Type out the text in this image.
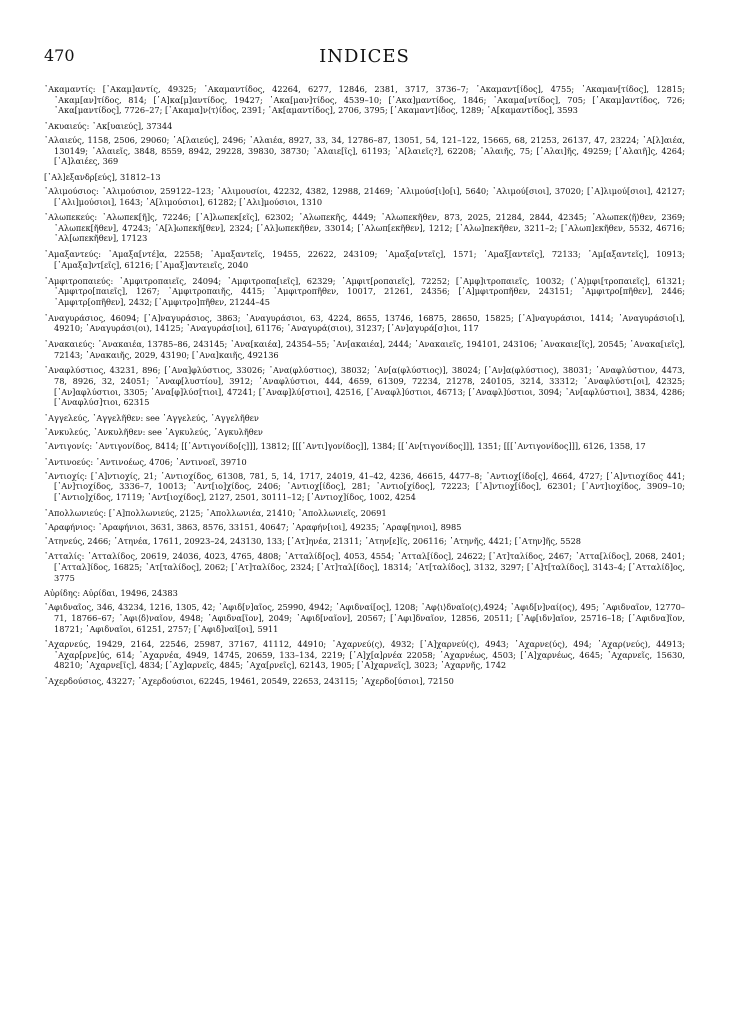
470	INDICES

᾿Ακαμαντίς: [᾿Ακαμ]αντίς, 49325; ᾿Ακαμαντίδος, 42264, 6277, 12846, 2381, 3717, 3736–7; ᾿Ακαμαντ[ίδος], 4755; ᾿Ακαμαν[τίδος], 12815; ᾿Ακαμ[αν]τίδος, 814; [᾿Α]κα[μ]αντίδος, 19427; ᾿Ακα[μαν]τίδος, 4539–10; [᾿Ακα]μαντίδος, 1846; ᾿Ακαμα[ντίδος], 705; [᾿Ακαμ]αντίδος, 726; ᾿Ακα[μαντίδος], 7726–27; [᾿Ακαμα]ν⟨τ⟩ίδος, 2391; ᾿Ακ[αμαντίδος], 2706, 3795; [᾿Ακαμαντ]ίδος, 1289; ᾿Α[καμαντίδος], 3593

᾿Ακυαιεύς: ᾿Ακ[υαιεύς], 37344

᾿Αλαιεύς, 1158, 2506, 29060; ᾿Α[λαιεύς], 2496; ᾿Αλαιέα, 8927, 33, 34, 12786–87, 13051, 54, 121–122, 15665, 68, 21253, 26137, 47, 23224; ᾿Α[λ]αιέα, 130149; ᾿Αλαιεῖς, 3848, 8559, 8942, 29228, 39830, 38730; ᾿Αλαιε[ῖς], 61193; ᾿Α[λαιεῖς?], 62208; ᾿Αλαιῆς, 75; [᾿Αλαι]ῆς, 49259; [᾿Αλαιῆ]ς, 4264; [᾿Α]λαιέες, 369

[᾿Αλ]εξανδρ[εύς], 31812–13

᾿Αλιμούσιος: ᾿Αλιμούσιον, 259122–123; ᾿Αλιμουσίοι, 42232, 4382, 12988, 21469; ᾿Αλιμούσ[ι]ο[ι], 5640; ᾿Αλιμού[σιοι], 37020; [᾿Α]λιμού[σιοι], 42127; [᾿Αλι]μούσιοι], 1643; ᾿Α[λιμούσιοι], 61282; [᾿Αλι]μούσιοι, 1310

᾿Αλωπεκεύς: ᾿Αλωπεκ[ῆ]ς, 72246; [᾿Α]λωπεκ[εῖς], 62302; ᾿Αλωπεκῆς, 4449; ᾿Αλωπεκῆθεν, 873, 2025, 21284, 2844, 42345; ᾿Αλωπεκ⟨ῆ⟩θεν, 2369; ᾿Αλωπεκ[ῆθεν], 47243; ᾿Α[λ]ωπεκῆ[θεν], 2324; [᾿Αλ]ωπεκῆθεν, 33014; [᾿Αλωπ[εκῆθεν], 1212; [᾿Αλω]πεκῆθεν, 3211–2; [᾿Αλωπ]εκῆθεν, 5532, 46716; ᾿Αλ[ωπεκῆθεν], 17123

᾿Αμαξαντεύς: ᾿Αμαξα[ντέ]α, 22558; ᾿Αμαξαντεῖς, 19455, 22622, 243109; ᾿Αμαξα[ντεῖς], 1571; ᾿Αμαξ[αντεῖς], 72133; ᾿Αμ[αξαντεῖς], 10913; [᾿Αμαξα]ντ[εῖς], 61216; [᾿Αμαξ]αντειεῖς, 2040

᾿Αμφιτροπαιεύς: ᾿Αμφιτροπαιεῖς, 24094; ᾿Αμφιτροπα[ιεῖς], 62329; ᾿Αμφιτ[ροπαιεῖς], 72252; [᾿Αμφ]ιτροπαιεῖς, 10032; ⟨᾿Α⟩μφι[τροπαιεῖς], 61321; ᾿Αμφιτρο[παιεῖς], 1267; ᾿Αμφιτροπαιῆς, 4415; ᾿Αμφιτροπῆθεν, 10017, 21261, 24356; [᾿Α]μφιτροπῆθεν, 243151; ᾿Αμφιτρο[πῆθεν], 2446; ᾿Αμφιτρ[οπῆθεν], 2432; [᾿Αμφιτρο]πῆθεν, 21244–45

᾿Αναγυράσιος, 46094; [᾿Α]ναγυράσιος, 3863; ᾿Αναγυράσιοι, 63, 4224, 8655, 13746, 16875, 28650, 15825; [᾿Α]ναγυράσιοι, 1414; ᾿Αναγυράσιο[ι], 49210; ᾿Αναγυράσι(οι), 14125; ᾿Αναγυράσ[ιοι], 61176; ᾿Αναγυρά(σιοι), 31237; [᾿Αν]αγυρά[σ]ιοι, 117

᾿Ανακαιεύς: ᾿Ανακαιέα, 13785–86, 243145; ᾿Ανα[καιέα], 24354–55; ᾿Αν[ακαιέα], 2444; ᾿Ανακαιεῖς, 194101, 243106; ᾿Ανακαιε[ῖς], 20545; ᾿Ανακα[ιεῖς], 72143; ᾿Ανακαιῆς, 2029, 43190; [᾿Ανα]καιῆς, 492136

᾿Αναφλύστιος, 43231, 896; [᾿Ανα]φλύστιος, 33026; ᾿Ανα(φλύστιος), 38032; ᾿Αν[α(φλύστιος)], 38024; [᾿Αν]α(φλύστιος), 38031; ᾿Αναφλύστιον, 4473, 78, 8926, 32, 24051; ᾿Αναφ[λυστίου], 3912; ᾿Αναφλύστιοι, 444, 4659, 61309, 72234, 21278, 240105, 3214, 33312; ᾿Αναφλύστι[οι], 42325; [᾿Αν]αφλύστιοι, 3305; ᾿Ανα[φ]λύσ[τιοι], 47241; [᾿Αναφ]λύ[στιοι], 42516, [᾿Αναφλ]ύστιοι, 46713; [᾿Αναφλ]ύστιοι, 3094; ᾿Αν[αφλύστιοι], 3834, 4286; [᾿Αναφλύσ]τιοι, 62315

᾿Αγγελεύς, ᾿Αγγελῆθεν: see ᾿Αγγελεύς, ᾿Αγγελῆθεν

᾿Ανκυλεύς, ᾿Ανκυλῆθεν: see ᾿Αγκυλεύς, ᾿Αγκυλῆθεν

᾿Αντιγονίς: ᾿Αντιγονίδος, 8414; [[᾿Αντιγονίδο[ς]]], 13812; [[[᾿Αντι]γονίδος]], 1384; [[᾿Αν[τιγονίδος]]], 1351; [[[᾿Αντιγονίδος]]], 6126, 1358, 17

᾿Αντινοεύς: ᾿Αντινοέως, 4706; ᾿Αντινοεῖ, 39710

᾿Αντιοχίς: [᾿Α]ντιοχίς, 21; ᾿Αντιοχίδος, 61308, 781, 5, 14, 1717, 24019, 41–42, 4236, 46615, 4477–8; ᾿Αντιοχ[ίδο[ς], 4664, 4727; [᾿Α]ντιοχίδος 441; [᾿Αν]τιοχίδος, 3336–7, 10013; ᾿Αντ[ιο]χίδος, 2406; ᾿Αντιοχ[ίδος], 281; ᾿Αντιο[χίδος], 72223; [᾿Α]ντιοχ[ίδος], 62301; [᾿Αντ]ιοχίδος, 3909–10; [᾿Αντιο]χίδος, 17119; ᾿Αντ[ιοχίδος], 2127, 2501, 30111–12; [᾿Αντιοχ]ίδος, 1002, 4254

᾿Απολλωνιεύς: [᾿Α]πολλωνιεύς, 2125; ᾿Απολλωνιέα, 21410; ᾿Απολλωνιεῖς, 20691

᾿Αραφήνιος: ᾿Αραφήνιοι, 3631, 3863, 8576, 33151, 40647; ᾿Αραφήν[ιοι], 49235; ᾿Αραφ[ηνιοι], 8985

᾿Ατηνεύς, 2466; ᾿Ατηνέα, 17611, 20923–24, 243130, 133; [᾿Ατ]ηνέα, 21311; ᾿Ατην[ε]ῖς, 206116; ᾿Ατηνῆς, 4421; [᾿Ατην]ῆς, 5528

᾿Ατταλίς: ᾿Ατταλίδος, 20619, 24036, 4023, 4765, 4808; ᾿Ατταλίδ[ος], 4053, 4554; ᾿Ατταλ[ίδος], 24622; [᾿Ατ]ταλίδος, 2467; ᾿Αττα[λίδος], 2068, 2401; [᾿Ατταλ]ίδος, 16825; ᾿Ατ[ταλίδος], 2062; [᾿Ατ]ταλίδος, 2324; [᾿Ατ]ταλ[ίδος], 18314; ᾿Ατ[ταλίδος], 3132, 3297; [᾿Α]τ[ταλίδος], 3143–4; [᾿Ατταλίδ]ος, 3775

Αὐρίδης: Αὐρίδαι, 19496, 24383

᾿Αφιδναῖος, 346, 43234, 1216, 1305, 42; ᾿Αφιδ[ν]αῖος, 25990, 4942; ᾿Αφιδναί[ος], 1208; ᾿Αφ⟨ι⟩δναῖο(ς),4924; ᾿Αφιδ[ν]ναί(ος), 495; ᾿Αφιδναῖον, 12770–71, 18766–67; ᾿Αφι⟨δ⟩ναῖον, 4948; ᾿Αφιδνα[ῖον], 2049; ᾿Αφιδ[ναῖον], 20567; [᾿Αφι]δναῖον, 12856, 20511; [᾿Αφ[ιδν]αῖον, 25716–18; [᾿Αφιδνα]ῖον, 18721; ᾿Αφιδναῖοι, 61251, 2757; [᾿Αφιδ]ναῖ[οι], 5911

᾿Αχαρνεύς, 19429, 2164, 22546, 25987, 37167, 41112, 44910; ᾿Αχαρνεύ(ς), 4932; [᾿Α]χαρνεύ(ς), 4943; ᾿Αχαρνε(ύς), 494; ᾿Αχαρ(νεύς), 44913; ᾿Αχαρ[ρνε]ύς, 614; ᾿Αχαρνέα, 4949, 14745, 20659, 133–134, 2219; [᾿Α]χ[α]ρνέα 22058; ᾿Αχαρνέως, 4503; [᾿Α]χαρνέως, 4645; ᾿Αχαρνεῖς, 15630, 48210; ᾿Αχαρνε[ῖς], 4834; [᾿Αχ]αρνεῖς, 4845; ᾿Αχα[ρνεῖς], 62143, 1905; [᾿Α]χαρνεῖς], 3023; ᾿Αχαρνῆς, 1742

᾿Αχερδούσιος, 43227; ᾿Αχερδούσιοι, 62245, 19461, 20549, 22653, 243115; ᾿Αχερδο[ύσιοι], 72150
